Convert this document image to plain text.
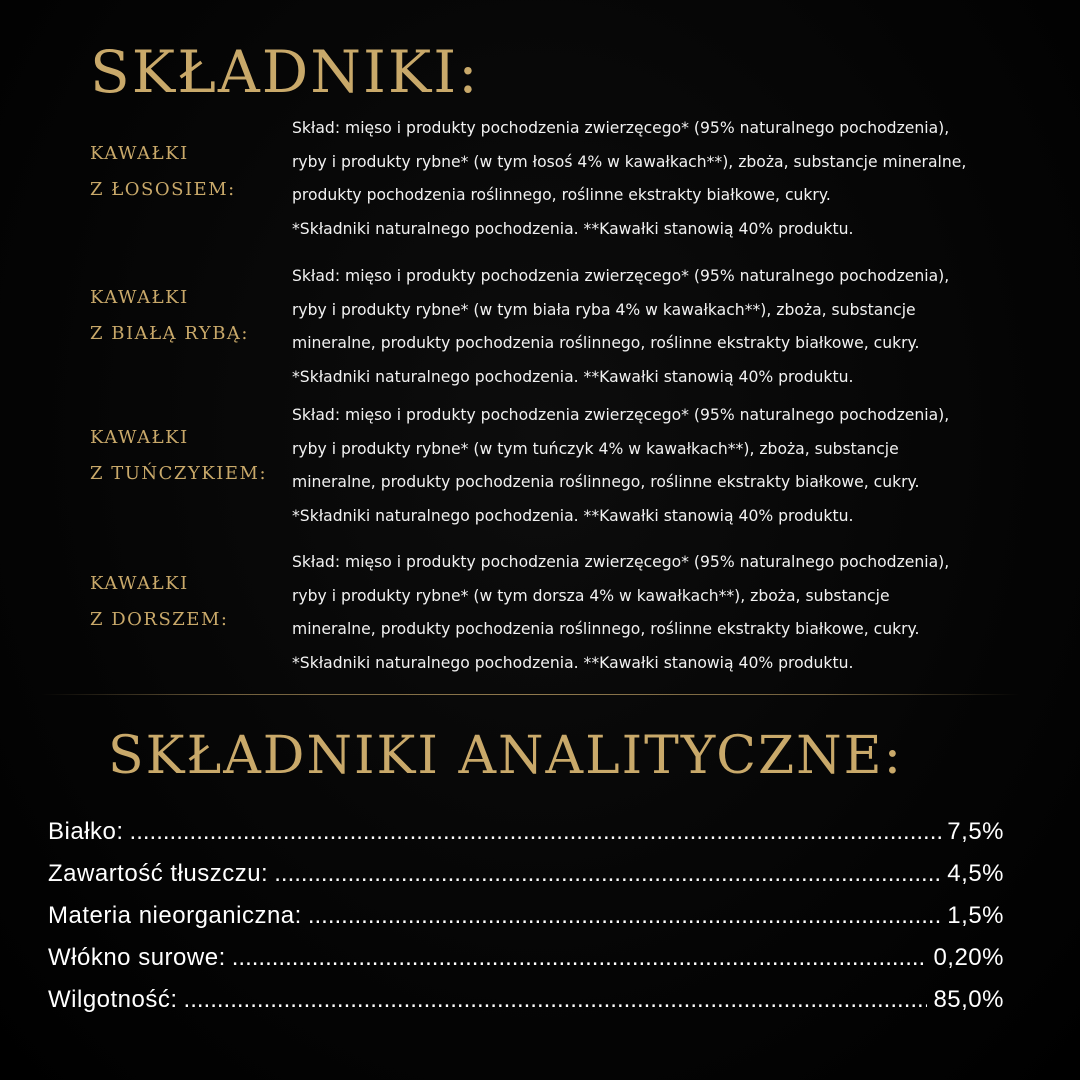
SKŁADNIKI:
KAWAŁKI
Z ŁOSOSIEM:
Skład: mięso i produkty pochodzenia zwierzęcego* (95% naturalnego pochodzenia),
ryby i produkty rybne* (w tym łosoś 4% w kawałkach**), zboża, substancje mineralne,
produkty pochodzenia roślinnego, roślinne ekstrakty białkowe, cukry.
*Składniki naturalnego pochodzenia. **Kawałki stanowią 40% produktu.
KAWAŁKI
Z BIAŁĄ RYBĄ:
Skład: mięso i produkty pochodzenia zwierzęcego* (95% naturalnego pochodzenia),
ryby i produkty rybne* (w tym biała ryba 4% w kawałkach**), zboża, substancje
mineralne, produkty pochodzenia roślinnego, roślinne ekstrakty białkowe, cukry.
*Składniki naturalnego pochodzenia. **Kawałki stanowią 40% produktu.
KAWAŁKI
Z TUŃCZYKIEM:
Skład: mięso i produkty pochodzenia zwierzęcego* (95% naturalnego pochodzenia),
ryby i produkty rybne* (w tym tuńczyk 4% w kawałkach**), zboża, substancje
mineralne, produkty pochodzenia roślinnego, roślinne ekstrakty białkowe, cukry.
*Składniki naturalnego pochodzenia. **Kawałki stanowią 40% produktu.
KAWAŁKI
Z DORSZEM:
Skład: mięso i produkty pochodzenia zwierzęcego* (95% naturalnego pochodzenia),
ryby i produkty rybne* (w tym dorsza 4% w kawałkach**), zboża, substancje
mineralne, produkty pochodzenia roślinnego, roślinne ekstrakty białkowe, cukry.
*Składniki naturalnego pochodzenia. **Kawałki stanowią 40% produktu.
SKŁADNIKI ANALITYCZNE:
Białko: .....	7,5%
Zawartość tłuszczu: .....	4,5%
Materia nieorganiczna: .....	1,5%
Włókno surowe: .....	0,20%
Wilgotność: .....	85,0%
